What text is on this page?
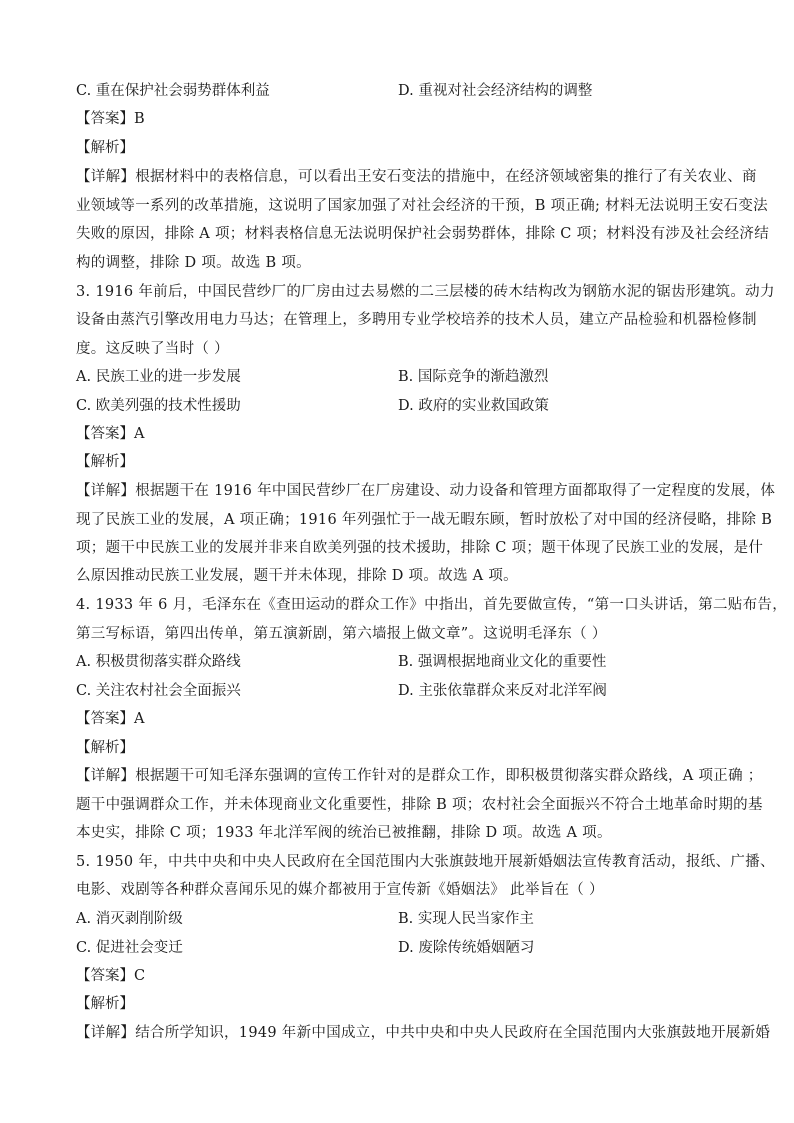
C. 重在保护社会弱势群体利益	D. 重视对社会经济结构的调整
【答案】B
【解析】
【详解】根据材料中的表格信息，可以看出王安石变法的措施中，在经济领域密集的推行了有关农业、商
业领域等一系列的改革措施，这说明了国家加强了对社会经济的干预，B 项正确; 材料无法说明王安石变法
失败的原因，排除 A 项；材料表格信息无法说明保护社会弱势群体，排除 C 项；材料没有涉及社会经济结
构的调整，排除 D 项。故选 B 项。
3. 1916 年前后，中国民营纱厂的厂房由过去易燃的二三层楼的砖木结构改为钢筋水泥的锯齿形建筑。动力
设备由蒸汽引擎改用电力马达；在管理上，多聘用专业学校培养的技术人员，建立产品检验和机器检修制
度。这反映了当时（ ）
A. 民族工业的进一步发展	B. 国际竞争的渐趋激烈
C. 欧美列强的技术性援助	D. 政府的实业救国政策
【答案】A
【解析】
【详解】根据题干在 1916 年中国民营纱厂在厂房建设、动力设备和管理方面都取得了一定程度的发展，体
现了民族工业的发展，A 项正确；1916 年列强忙于一战无暇东顾，暂时放松了对中国的经济侵略，排除 B
项；题干中民族工业的发展并非来自欧美列强的技术援助，排除 C 项；题干体现了民族工业的发展，是什
么原因推动民族工业发展，题干并未体现，排除 D 项。故选 A 项。
4. 1933 年 6 月，毛泽东在《查田运动的群众工作》中指出，首先要做宣传，“第一口头讲话，第二贴布告，
第三写标语，第四出传单，第五演新剧，第六墙报上做文章”。这说明毛泽东（ ）
A. 积极贯彻落实群众路线	B. 强调根据地商业文化的重要性
C. 关注农村社会全面振兴	D. 主张依靠群众来反对北洋军阀
【答案】A
【解析】
【详解】根据题干可知毛泽东强调的宣传工作针对的是群众工作，即积极贯彻落实群众路线，A 项正确 ；
题干中强调群众工作，并未体现商业文化重要性，排除 B 项；农村社会全面振兴不符合土地革命时期的基
本史实，排除 C 项；1933 年北洋军阀的统治已被推翻，排除 D 项。故选 A 项。
5. 1950 年，中共中央和中央人民政府在全国范围内大张旗鼓地开展新婚姻法宣传教育活动，报纸、广播、
电影、戏剧等各种群众喜闻乐见的媒介都被用于宣传新《婚姻法》 此举旨在（ ）
A. 消灭剥削阶级	B. 实现人民当家作主
C. 促进社会变迁	D. 废除传统婚姻陋习
【答案】C
【解析】
【详解】结合所学知识，1949 年新中国成立，中共中央和中央人民政府在全国范围内大张旗鼓地开展新婚
